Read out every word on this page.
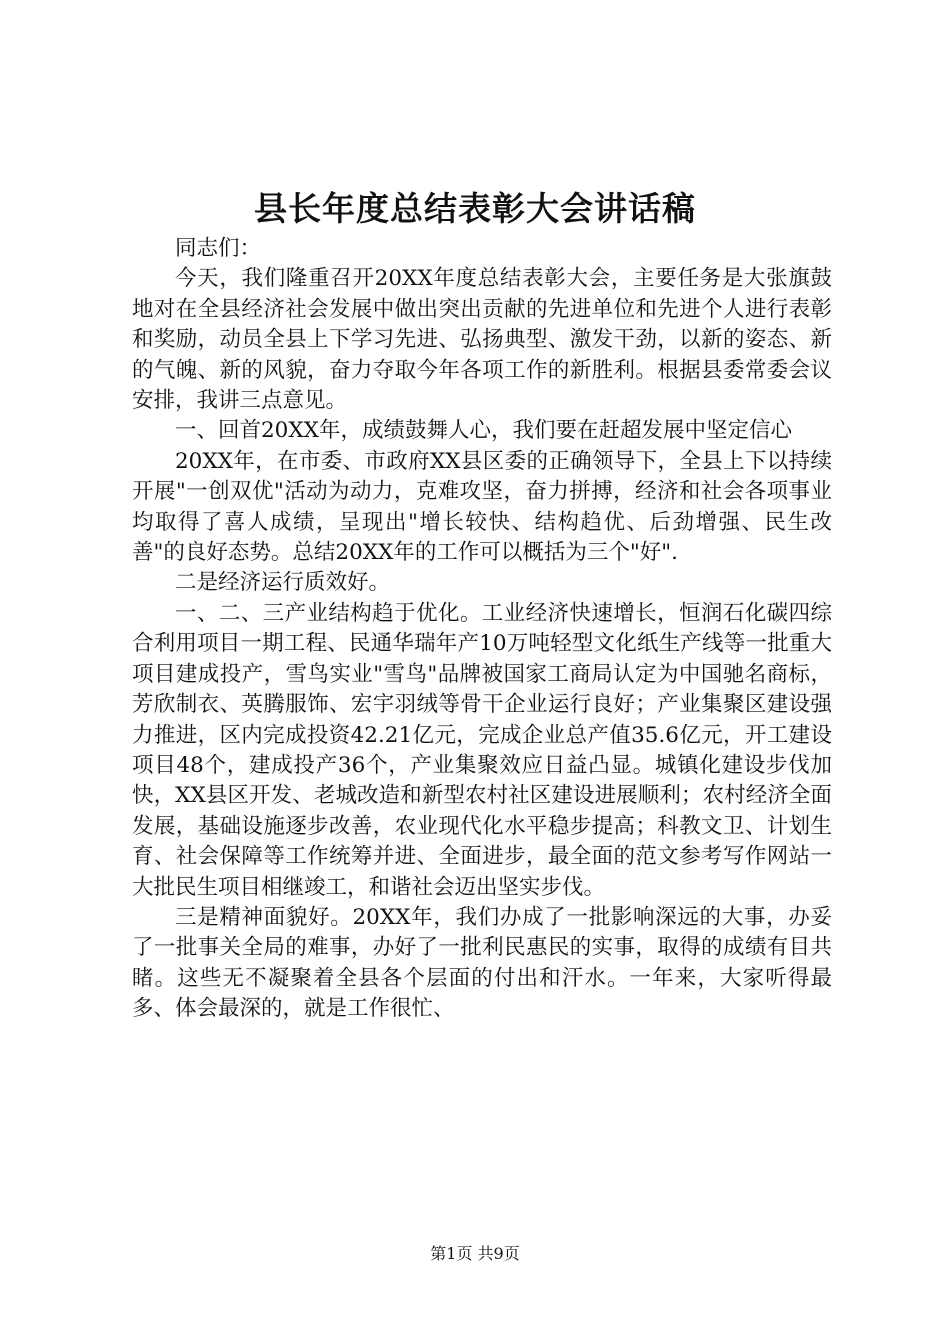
县长年度总结表彰大会讲话稿

同志们：

今天，我们隆重召开20XX年度总结表彰大会，主要任务是大张旗鼓地对在全县经济社会发展中做出突出贡献的先进单位和先进个人进行表彰和奖励，动员全县上下学习先进、弘扬典型、激发干劲，以新的姿态、新的气魄、新的风貌，奋力夺取今年各项工作的新胜利。根据县委常委会议安排，我讲三点意见。

一、回首20XX年，成绩鼓舞人心，我们要在赶超发展中坚定信心

20XX年，在市委、市政府XX县区委的正确领导下，全县上下以持续开展"一创双优"活动为动力，克难攻坚，奋力拼搏，经济和社会各项事业均取得了喜人成绩，呈现出"增长较快、结构趋优、后劲增强、民生改善"的良好态势。总结20XX年的工作可以概括为三个"好".

二是经济运行质效好。

一、二、三产业结构趋于优化。工业经济快速增长，恒润石化碳四综合利用项目一期工程、民通华瑞年产10万吨轻型文化纸生产线等一批重大项目建成投产，雪鸟实业"雪鸟"品牌被国家工商局认定为中国驰名商标，芳欣制衣、英腾服饰、宏宇羽绒等骨干企业运行良好；产业集聚区建设强力推进，区内完成投资42.21亿元，完成企业总产值35.6亿元，开工建设项目48个，建成投产36个，产业集聚效应日益凸显。城镇化建设步伐加快，XX县区开发、老城改造和新型农村社区建设进展顺利；农村经济全面发展，基础设施逐步改善，农业现代化水平稳步提高；科教文卫、计划生育、社会保障等工作统筹并进、全面进步，最全面的范文参考写作网站一大批民生项目相继竣工，和谐社会迈出坚实步伐。

三是精神面貌好。20XX年，我们办成了一批影响深远的大事，办妥了一批事关全局的难事，办好了一批利民惠民的实事，取得的成绩有目共睹。这些无不凝聚着全县各个层面的付出和汗水。一年来，大家听得最多、体会最深的，就是工作很忙、

第1页 共9页
